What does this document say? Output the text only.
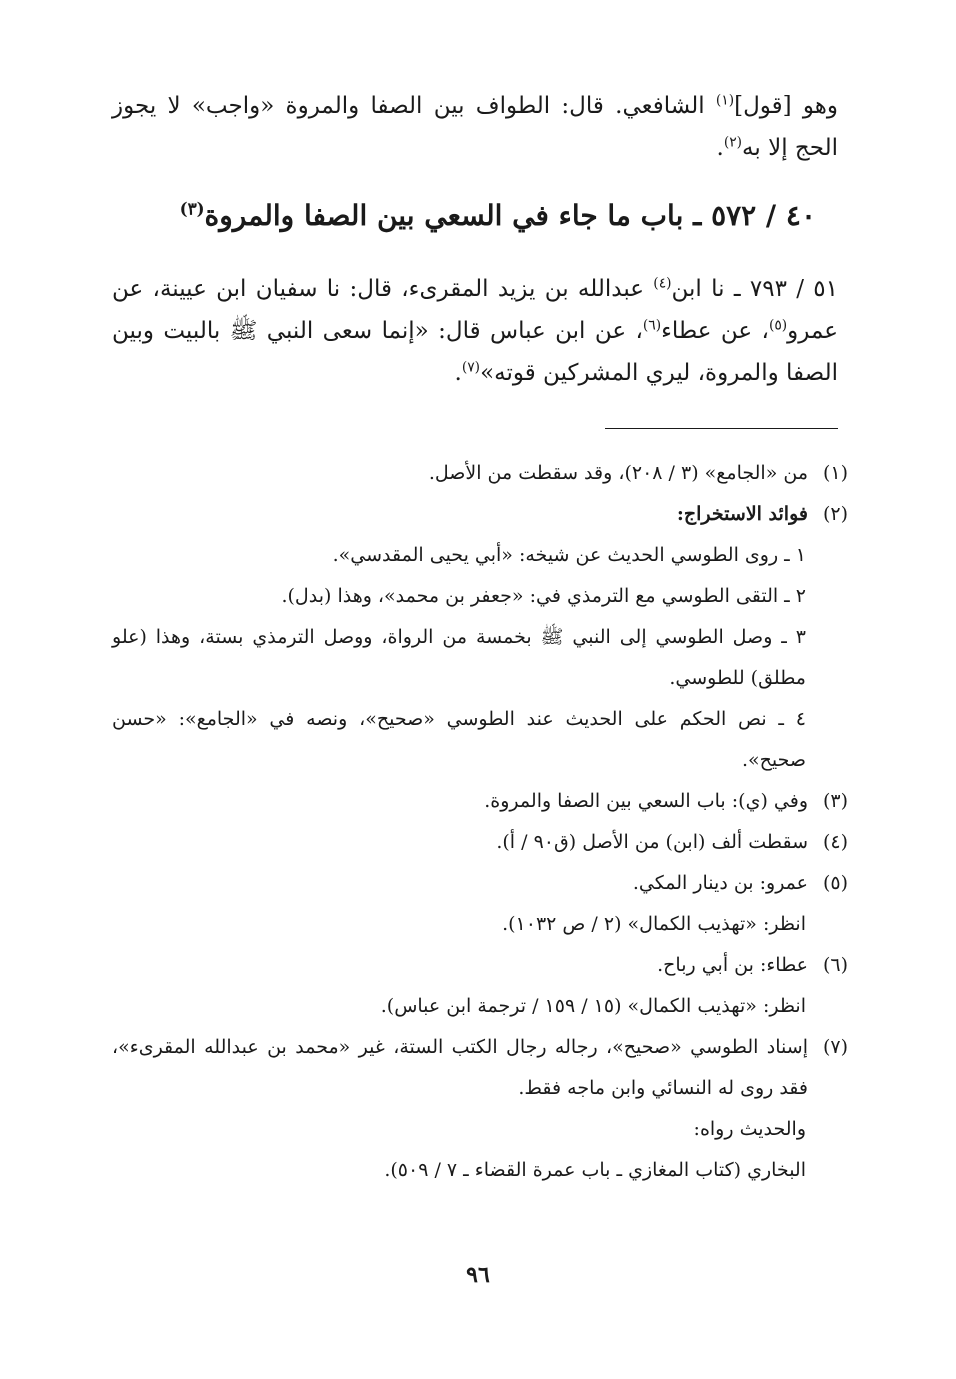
وهو [قول]$^{(١)}$ الشافعي. قال: الطواف بين الصفا والمروة «واجب» لا يجوز الحج إلا به$^{(٢)}$.
٤٠ / ٥٧٢ ـ باب ما جاء في السعي بين الصفا والمروة$^{(٣)}$
٥١ / ٧٩٣ ـ نا ابن$^{(٤)}$ عبدالله بن يزيد المقرىء، قال: نا سفيان ابن عيينة، عن عمرو$^{(٥)}$، عن عطاء$^{(٦)}$، عن ابن عباس قال: «إنما سعى النبي ﷺ بالبيت وبين الصفا والمروة، ليري المشركين قوته»$^{(٧)}$.
(١)
من «الجامع» (٣ / ٢٠٨)، وقد سقطت من الأصل.
(٢)
فوائد الاستخراج:
١ ـ روى الطوسي الحديث عن شيخه: «أبي يحيى المقدسي».
٢ ـ التقى الطوسي مع الترمذي في: «جعفر بن محمد»، وهذا (بدل).
٣ ـ وصل الطوسي إلى النبي ﷺ بخمسة من الرواة، ووصل الترمذي بستة، وهذا (علو مطلق) للطوسي.
٤ ـ نص الحكم على الحديث عند الطوسي «صحيح»، ونصه في «الجامع»: «حسن صحيح».
(٣)
وفي (ي): باب السعي بين الصفا والمروة.
(٤)
سقطت ألف (ابن) من الأصل (ق٩٠ / أ).
(٥)
عمرو: بن دينار المكي.
انظر: «تهذيب الكمال» (٢ / ص ١٠٣٢).
(٦)
عطاء: بن أبي رباح.
انظر: «تهذيب الكمال» (١٥ / ١٥٩ / ترجمة ابن عباس).
(٧)
إسناد الطوسي «صحيح»، رجاله رجال الكتب الستة، غير «محمد بن عبدالله المقرىء»، فقد روى له النسائي وابن ماجه فقط.
والحديث رواه:
البخاري (كتاب المغازي ـ باب عمرة القضاء ـ ٧ / ٥٠٩).
٩٦
